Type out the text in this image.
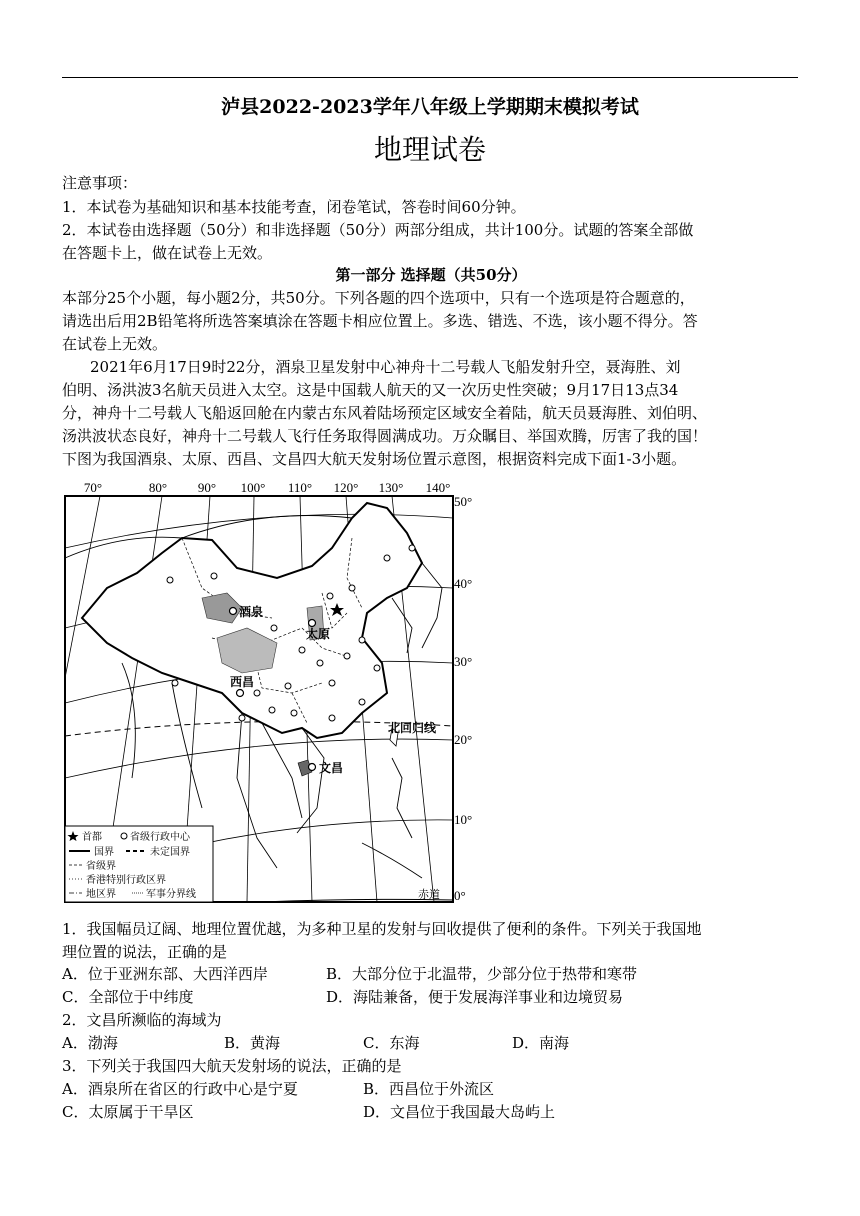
泸县2022-2023学年八年级上学期期末模拟考试
地理试卷
注意事项：
1．本试卷为基础知识和基本技能考查，闭卷笔试，答卷时间60分钟。
2．本试卷由选择题（50分）和非选择题（50分）两部分组成，共计100分。试题的答案全部做
在答题卡上，做在试卷上无效。
第一部分 选择题（共50分）
本部分25个小题，每小题2分，共50分。下列各题的四个选项中，只有一个选项是符合题意的，
请选出后用2B铅笔将所选答案填涂在答题卡相应位置上。多选、错选、不选，该小题不得分。答
在试卷上无效。
2021年6月17日9时22分，酒泉卫星发射中心神舟十二号载人飞船发射升空，聂海胜、刘
伯明、汤洪波3名航天员进入太空。这是中国载人航天的又一次历史性突破；9月17日13点34
分，神舟十二号载人飞船返回舱在内蒙古东风着陆场预定区域安全着陆，航天员聂海胜、刘伯明、
汤洪波状态良好，神舟十二号载人飞行任务取得圆满成功。万众瞩目、举国欢腾，厉害了我的国！
下图为我国酒泉、太原、西昌、文昌四大航天发射场位置示意图，根据资料完成下面1-3小题。
70°	80° 90° 100° 110° 120° 130° 140°
50°
40°
30°
20°
10°
0°
酒泉
太原
西昌
文昌
北回归线
赤道
首都	省级行政中心
国界	未定国界
省级界
香港特别行政区界
地区界	军事分界线
1．我国幅员辽阔、地理位置优越，为多种卫星的发射与回收提供了便利的条件。下列关于我国地
理位置的说法，正确的是
A．位于亚洲东部、大西洋西岸	B．大部分位于北温带，少部分位于热带和寒带
C．全部位于中纬度	D．海陆兼备，便于发展海洋事业和边境贸易
2．文昌所濒临的海域为
A．渤海	B．黄海	C．东海	D．南海
3．下列关于我国四大航天发射场的说法，正确的是
A．酒泉所在省区的行政中心是宁夏	B．西昌位于外流区
C．太原属于干旱区	D．文昌位于我国最大岛屿上
